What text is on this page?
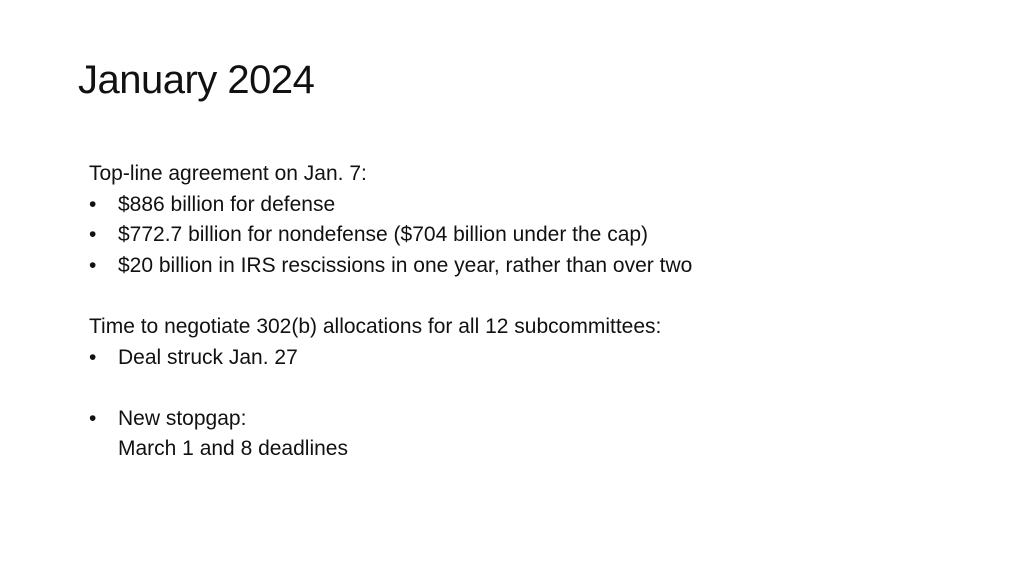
January 2024
Top-line agreement on Jan. 7:
•	$886 billion for defense
•	$772.7 billion for nondefense ($704 billion under the cap)
•	$20 billion in IRS rescissions in one year, rather than over two
Time to negotiate 302(b) allocations for all 12 subcommittees:
•	Deal struck Jan. 27
•	New stopgap:
March 1 and 8 deadlines
